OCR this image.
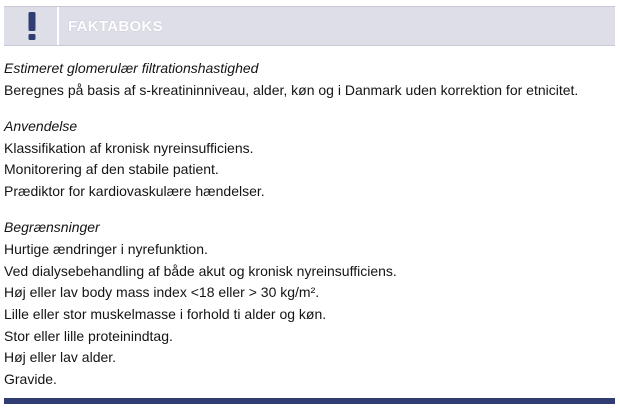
FAKTABOKS

Estimeret glomerulær filtrationshastighed

Beregnes på basis af s-kreatininniveau, alder, køn og i Danmark uden korrektion for etnicitet.

Anvendelse

Klassifikation af kronisk nyreinsufficiens.

Monitorering af den stabile patient.

Prædiktor for kardiovaskulære hændelser.

Begrænsninger

Hurtige ændringer i nyrefunktion.

Ved dialysebehandling af både akut og kronisk nyreinsufficiens.

Høj eller lav body mass index <18 eller > 30 kg/m².

Lille eller stor muskelmasse i forhold ti alder og køn.

Stor eller lille proteinindtag.

Høj eller lav alder.

Gravide.
